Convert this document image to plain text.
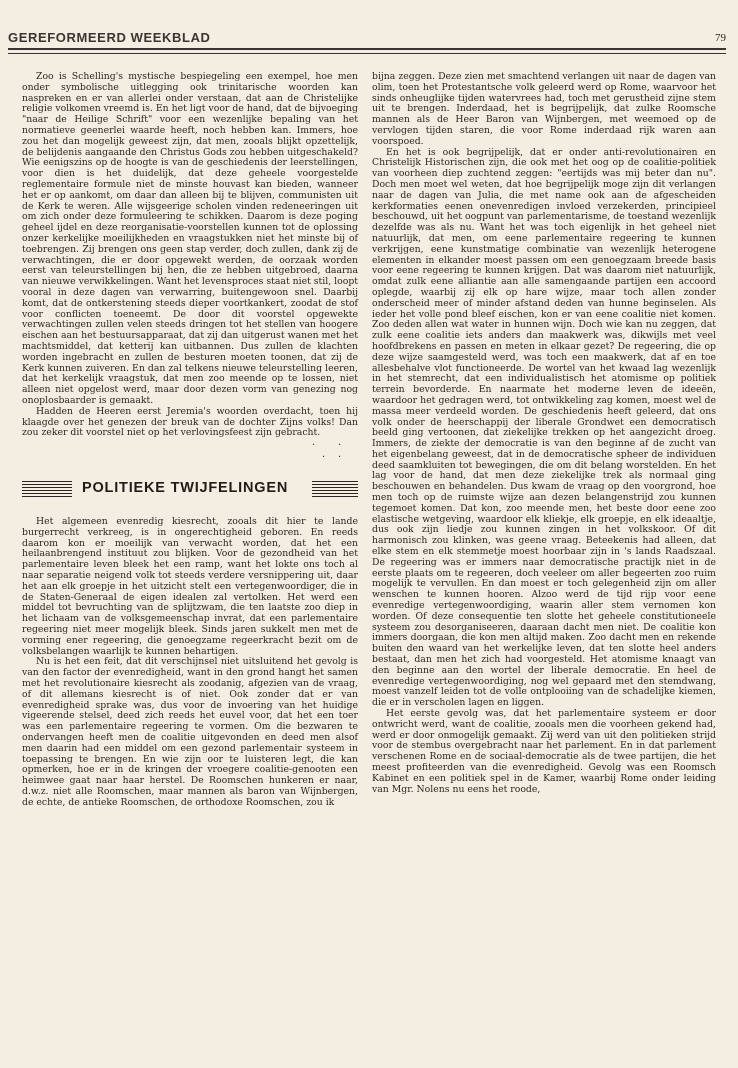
GEREFORMEERD WEEKBLAD	79

Zoo is Schelling's mystische bespiegeling een exempel, hoe men onder symbolische uitlegging ook trinitarische woorden kan naspreken en er van allerlei onder verstaan, dat aan de Christelijke religie volkomen vreemd is. En het ligt voor de hand, dat de bijvoeging "naar de Heilige Schrift" voor een wezenlijke bepaling van het normatieve geenerlei waarde heeft, noch hebben kan. Immers, hoe zou het dan mogelijk geweest zijn, dat men, zooals blijkt opzettelijk, de belijdenis aangaande den Christus Gods zou hebben uitgeschakeld? Wie eenigszins op de hoogte is van de geschiedenis der leerstellingen, voor dien is het duidelijk, dat deze geheele voorgestelde reglementaire formule niet de minste houvast kan bieden, wanneer het er op aankomt, om daar dan alleen bij te blijven, communisten uit de Kerk te weren. Alle wijsgeerige scholen vinden redeneeringen uit om zich onder deze formuleering te schikken. Daarom is deze poging geheel ijdel en deze reorganisatie-voorstellen kunnen tot de oplossing onzer kerkelijke moeilijkheden en vraagstukken niet het minste bij of toebrengen. Zij brengen ons geen stap verder, doch zullen, dank zij de verwachtingen, die er door opgewekt werden, de oorzaak worden eerst van teleurstellingen bij hen, die ze hebben uitgebroed, daarna van nieuwe verwikkelingen. Want het levensproces staat niet stil, loopt vooral in deze dagen van verwarring, buitengewoon snel. Daarbij komt, dat de ontkerstening steeds dieper voortkankert, zoodat de stof voor conflicten toeneemt. De door dit voorstel opgewekte verwachtingen zullen velen steeds dringen tot het stellen van hoogere eischen aan het bestuursapparaat, dat zij dan uitgerust wanen met het machtsmiddel, dat ketterij kan uitbannen. Dus zullen de klachten worden ingebracht en zullen de besturen moeten toonen, dat zij de Kerk kunnen zuiveren. En dan zal telkens nieuwe teleurstelling leeren, dat het kerkelijk vraagstuk, dat men zoo meende op te lossen, niet alleen niet opgelost werd, maar door dezen vorm van genezing nog onoplosbaarder is gemaakt.

Hadden de Heeren eerst Jeremia's woorden overdacht, toen hij klaagde over het genezen der breuk van de dochter Zijns volks! Dan zou zeker dit voorstel niet op het verlovingsfeest zijn gebracht.

· ·
· ·
POLITIEKE TWIJFELINGEN

Het algemeen evenredig kiesrecht, zooals dit hier te lande burgerrecht verkreeg, is in ongerechtigheid geboren. En reeds daarom kon er moeilijk van verwacht worden, dat het een heilaanbrengend instituut zou blijken. Voor de gezondheid van het parlementaire leven bleek het een ramp, want het lokte ons toch al naar separatie neigend volk tot steeds verdere versnippering uit, daar het aan elk groepje in het uitzicht stelt een vertegenwoordiger, die in de Staten-Generaal de eigen idealen zal vertolken. Het werd een middel tot bevruchting van de splijtzwam, die ten laatste zoo diep in het lichaam van de volksgemeenschap invrat, dat een parlementaire regeering niet meer mogelijk bleek. Sinds jaren sukkelt men met de vorming ener regeering, die genoegzame regeerkracht bezit om de volksbelangen waarlijk te kunnen behartigen.

Nu is het een feit, dat dit verschijnsel niet uitsluitend het gevolg is van den factor der evenredigheid, want in den grond hangt het samen met het revolutionaire kiesrecht als zoodanig, afgezien van de vraag, of dit allemans kiesrecht is of niet. Ook zonder dat er van evenredigheid sprake was, dus voor de invoering van het huidige vigeerende stelsel, deed zich reeds het euvel voor, dat het een toer was een parlementaire regeering te vormen. Om die bezwaren te ondervangen heeft men de coalitie uitgevonden en deed men alsof men daarin had een middel om een gezond parlementair systeem in toepassing te brengen. En wie zijn oor te luisteren legt, die kan opmerken, hoe er in de kringen der vroegere coalitie-genooten een heimwee gaat naar haar herstel. De Roomschen hunkeren er naar, d.w.z. niet alle Roomschen, maar mannen als baron van Wijnbergen, de echte, de antieke Roomschen, de orthodoxe Roomschen, zou ik

bijna zeggen. Deze zien met smachtend verlangen uit naar de dagen van olim, toen het Protestantsche volk geleerd werd op Rome, waarvoor het sinds onheuglijke tijden watervrees had, toch met gerustheid zijne stem uit te brengen. Inderdaad, het is begrijpelijk, dat zulke Roomsche mannen als de Heer Baron van Wijnbergen, met weemoed op de vervlogen tijden staren, die voor Rome inderdaad rijk waren aan voorspoed.

En het is ook begrijpelijk, dat er onder anti-revolutionairen en Christelijk Historischen zijn, die ook met het oog op de coalitie-politiek van voorheen diep zuchtend zeggen: "eertijds was mij beter dan nu". Doch men moet wel weten, dat hoe begrijpelijk moge zijn dit verlangen naar de dagen van Julia, die met name ook aan de afgescheiden kerkformaties eenen onevenredigen invloed verzekerden, principieel beschouwd, uit het oogpunt van parlementarisme, de toestand wezenlijk dezelfde was als nu. Want het was toch eigenlijk in het geheel niet natuurlijk, dat men, om eene parlementaire regeering te kunnen verkrijgen, eene kunstmatige combinatie van wezenlijk heterogene elementen in elkander moest passen om een genoegzaam breede basis voor eene regeering te kunnen krijgen. Dat was daarom niet natuurlijk, omdat zulk eene alliantie aan alle samengaande partijen een accoord oplegde, waarbij zij elk op hare wijze, maar toch allen zonder onderscheid meer of minder afstand deden van hunne beginselen. Als ieder het volle pond bleef eischen, kon er van eene coalitie niet komen. Zoo deden allen wat water in hunnen wijn. Doch wie kan nu zeggen, dat zulk eene coalitie iets anders dan maakwerk was, dikwijls met veel hoofdbrekens en passen en meten in elkaar gezet? De regeering, die op deze wijze saamgesteld werd, was toch een maakwerk, dat af en toe allesbehalve vlot functioneerde. De wortel van het kwaad lag wezenlijk in het stemrecht, dat een individualistisch het atomisme op politiek terrein bevorderde. En naarmate het moderne leven de ideeën, waardoor het gedragen werd, tot ontwikkeling zag komen, moest wel de massa meer verdeeld worden. De geschiedenis heeft geleerd, dat ons volk onder de heerschappij der liberale Grondwet een democratisch beeld ging vertoonen, dat ziekelijke trekken op het aangezicht droeg. Immers, de ziekte der democratie is van den beginne af de zucht van het eigenbelang geweest, dat in de democratische spheer de individuen deed saamkluiten tot bewegingen, die om dit belang worstelden. En het lag voor de hand, dat men deze ziekelijke trek als normaal ging beschouwen en behandelen. Dus kwam de vraag op den voorgrond, hoe men toch op de ruimste wijze aan dezen belangenstrijd zou kunnen tegemoet komen. Dat kon, zoo meende men, het beste door eene zoo elastische wetgeving, waardoor elk kliekje, elk groepje, en elk ideaaltje, dus ook zijn liedje zou kunnen zingen in het volkskoor. Of dit harmonisch zou klinken, was geene vraag. Beteekenis had alleen, dat elke stem en elk stemmetje moest hoorbaar zijn in 's lands Raadszaal. De regeering was er immers naar democratische practijk niet in de eerste plaats om te regeeren, doch veeleer om aller begeerten zoo ruim mogelijk te vervullen. En dan moest er toch gelegenheid zijn om aller wenschen te kunnen hooren. Alzoo werd de tijd rijp voor eene evenredige vertegenwoordiging, waarin aller stem vernomen kon worden. Of deze consequentie ten slotte het geheele constitutioneele systeem zou desorganiseeren, daaraan dacht men niet. De coalitie kon immers doorgaan, die kon men altijd maken. Zoo dacht men en rekende buiten den waard van het werkelijke leven, dat ten slotte heel anders bestaat, dan men het zich had voorgesteld. Het atomisme knaagt van den beginne aan den wortel der liberale democratie. En heel de evenredige vertegenwoordiging, nog wel gepaard met den stemdwang, moest vanzelf leiden tot de volle ontplooiing van de schadelijke kiemen, die er in verscholen lagen en liggen.

Het eerste gevolg was, dat het parlementaire systeem er door ontwricht werd, want de coalitie, zooals men die voorheen gekend had, werd er door onmogelijk gemaakt. Zij werd van uit den politieken strijd voor de stembus overgebracht naar het parlement. En in dat parlement verschenen Rome en de sociaal-democratie als de twee partijen, die het meest profiteerden van die evenredigheid. Gevolg was een Roomsch Kabinet en een politiek spel in de Kamer, waarbij Rome onder leiding van Mgr. Nolens nu eens het roode,
